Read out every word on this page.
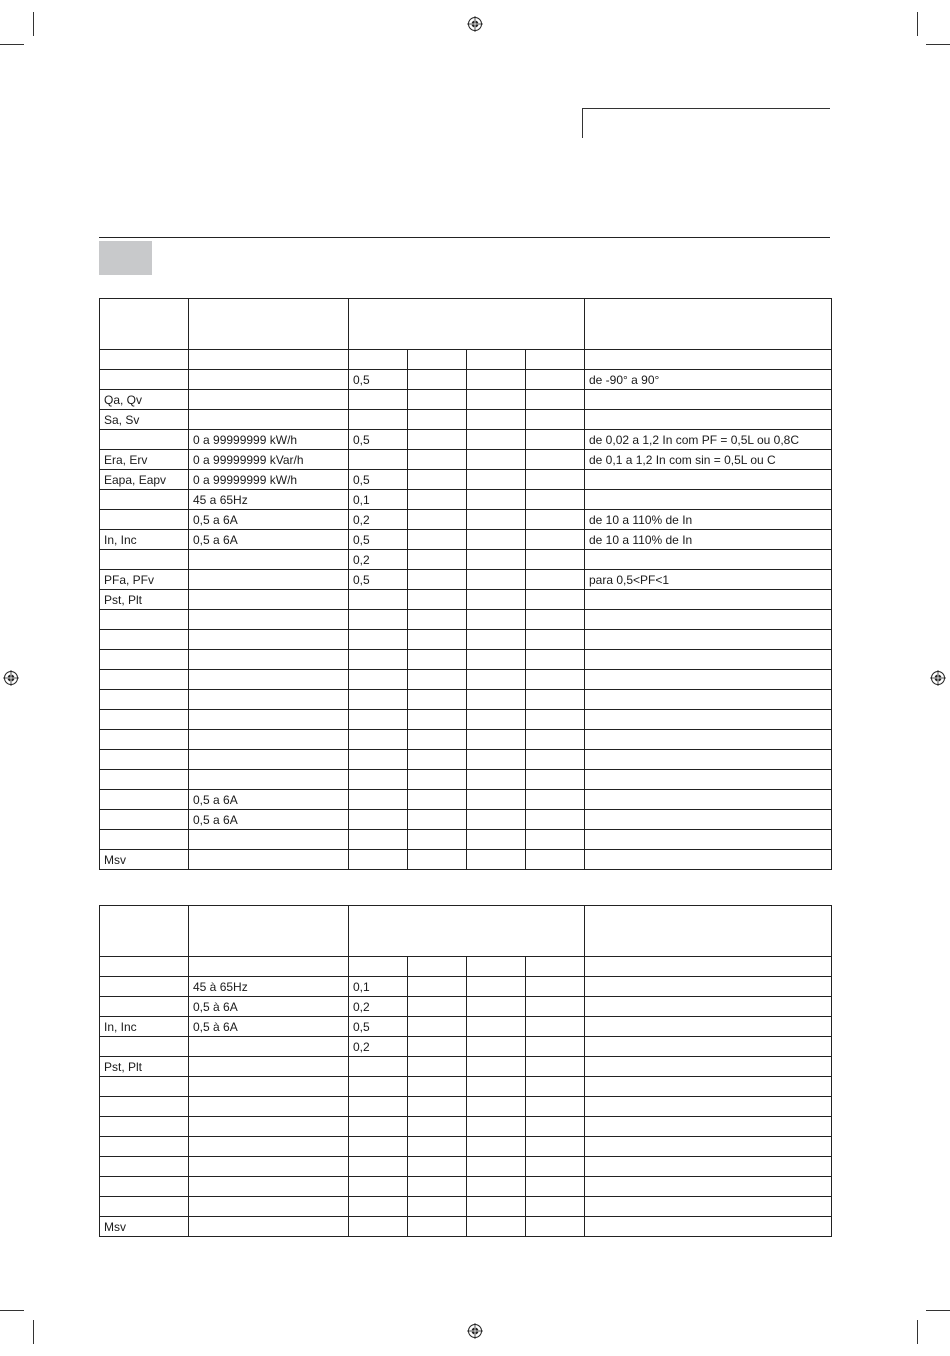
		0,5				de -90° a 90°
Qa, Qv						
Sa, Sv						
	0 a 99999999 kW/h	0,5				de 0,02 a 1,2 In com PF = 0,5L ou 0,8C
Era, Erv	0 a 99999999 kVar/h					de 0,1 a 1,2 In com sin = 0,5L ou C
Eapa, Eapv	0 a 99999999 kW/h	0,5				
	45 a 65Hz	0,1				
	0,5 a 6A	0,2				de 10 a 110% de In
In, Inc	0,5 a 6A	0,5				de 10 a 110% de In
		0,2				
PFa, PFv		0,5				para 0,5<PF<1
Pst, Plt						

	0,5 a 6A					
	0,5 a 6A					

Msv						

	45 à 65Hz	0,1				
	0,5 à 6A	0,2				
In, Inc	0,5 à 6A	0,5				
		0,2				
Pst, Plt						

Msv						
